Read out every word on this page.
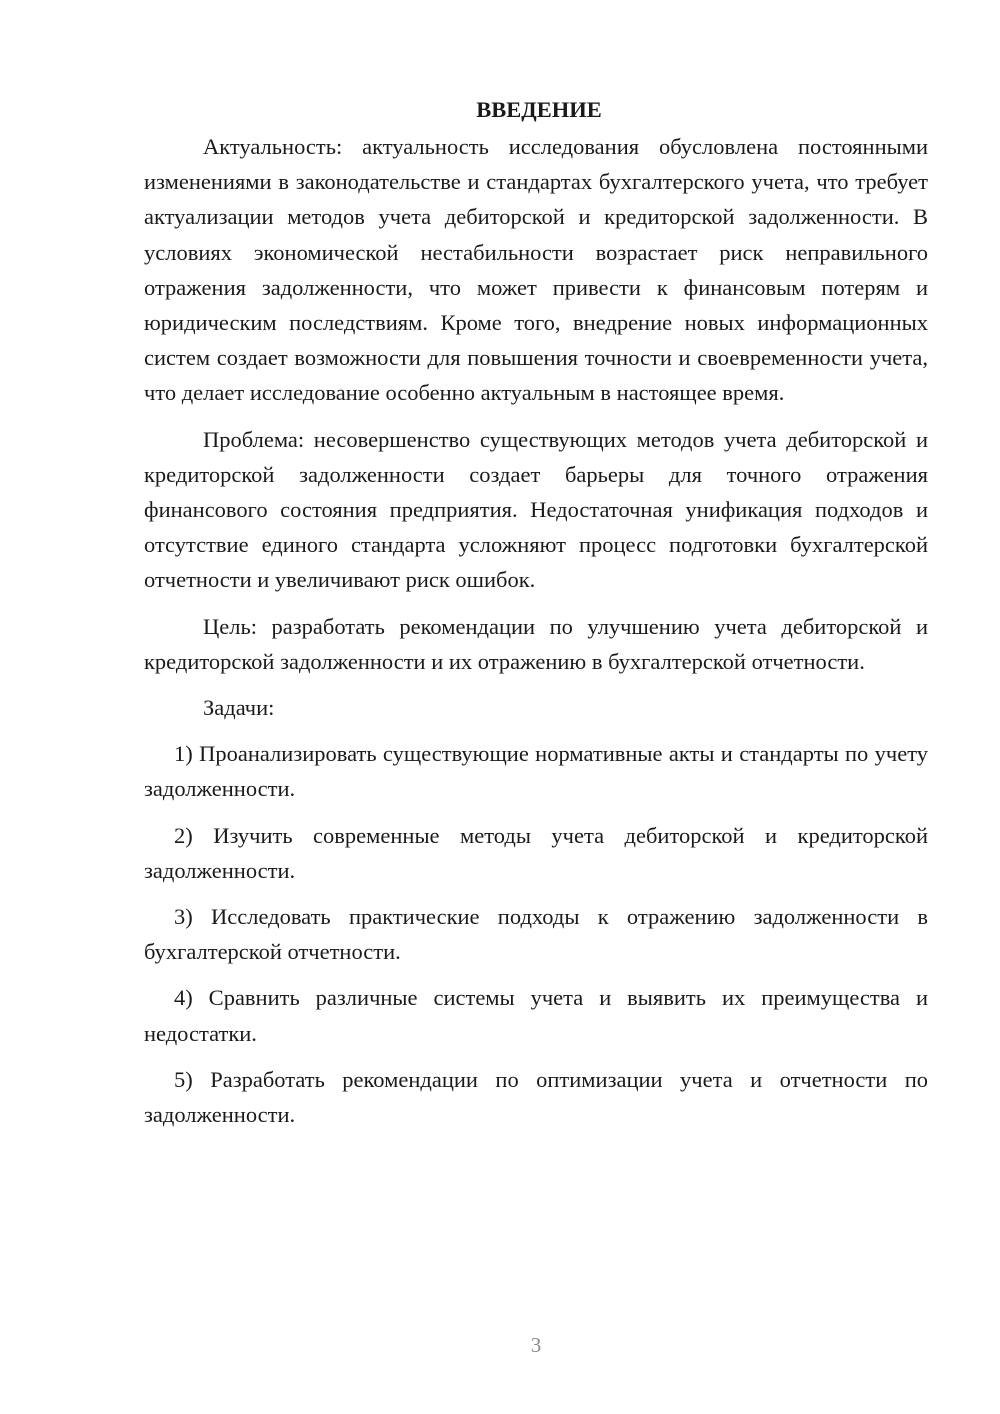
ВВЕДЕНИЕ

Актуальность: актуальность исследования обусловлена постоянными изменениями в законодательстве и стандартах бухгалтерского учета, что требует актуализации методов учета дебиторской и кредиторской задолженности. В условиях экономической нестабильности возрастает риск неправильного отражения задолженности, что может привести к финансовым потерям и юридическим последствиям. Кроме того, внедрение новых информационных систем создает возможности для повышения точности и своевременности учета, что делает исследование особенно актуальным в настоящее время.

Проблема: несовершенство существующих методов учета дебиторской и кредиторской задолженности создает барьеры для точного отражения финансового состояния предприятия. Недостаточная унификация подходов и отсутствие единого стандарта усложняют процесс подготовки бухгалтерской отчетности и увеличивают риск ошибок.

Цель: разработать рекомендации по улучшению учета дебиторской и кредиторской задолженности и их отражению в бухгалтерской отчетности.

Задачи:

1) Проанализировать существующие нормативные акты и стандарты по учету задолженности.

2) Изучить современные методы учета дебиторской и кредиторской задолженности.

3) Исследовать практические подходы к отражению задолженности в бухгалтерской отчетности.

4) Сравнить различные системы учета и выявить их преимущества и недостатки.

5) Разработать рекомендации по оптимизации учета и отчетности по задолженности.

3
